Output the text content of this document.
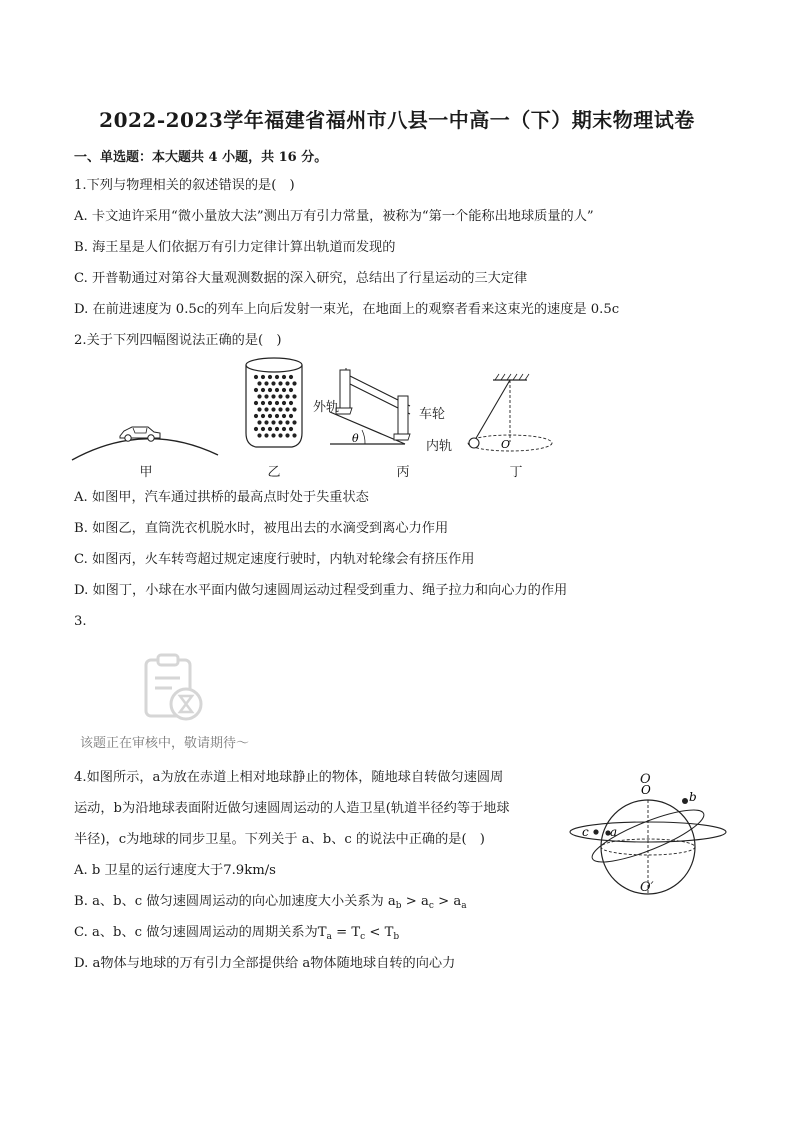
2022-2023学年福建省福州市八县一中高一（下）期末物理试卷
一、单选题：本大题共 4 小题，共 16 分。
1.下列与物理相关的叙述错误的是(　)
A. 卡文迪许采用“微小量放大法”测出万有引力常量，被称为“第一个能称出地球质量的人”
B. 海王星是人们依据万有引力定律计算出轨道而发现的
C. 开普勒通过对第谷大量观测数据的深入研究，总结出了行星运动的三大定律
D. 在前进速度为 0.5c的列车上向后发射一束光，在地面上的观察者看来这束光的速度是 0.5c
2.关于下列四幅图说法正确的是(　)
甲	乙
θ
外轨	车轮
内轨
丙
O
丁
A. 如图甲，汽车通过拱桥的最高点时处于失重状态
B. 如图乙，直筒洗衣机脱水时，被甩出去的水滴受到离心力作用
C. 如图丙，火车转弯超过规定速度行驶时，内轨对轮缘会有挤压作用
D. 如图丁，小球在水平面内做匀速圆周运动过程受到重力、绳子拉力和向心力的作用
3.
该题正在审核中，敬请期待～
4.如图所示，a为放在赤道上相对地球静止的物体，随地球自转做匀速圆周
运动，b为沿地球表面附近做匀速圆周运动的人造卫星(轨道半径约等于地球
半径)，c为地球的同步卫星。下列关于 a、b、c 的说法中正确的是(　)
A. b 卫星的运行速度大于7.9km/s
B. a、b、c 做匀速圆周运动的向心加速度大小关系为 $a_b > a_c > a_a$
C. a、b、c 做匀速圆周运动的周期关系为$T_a = T_c < T_b$
D. a物体与地球的万有引力全部提供给 a物体随地球自转的向心力
O	b
c a
O
O′
